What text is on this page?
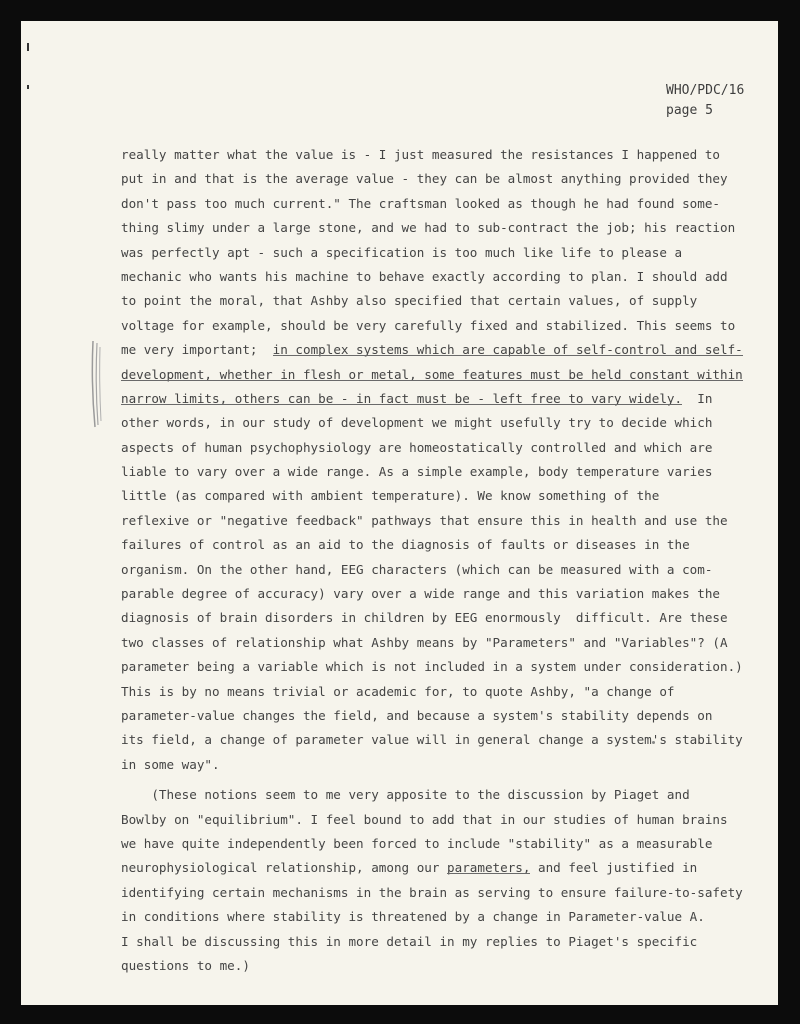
WHO/PDC/16
page 5
really matter what the value is - I just measured the resistances I happened to
put in and that is the average value - they can be almost anything provided they
don't pass too much current." The craftsman looked as though he had found some-
thing slimy under a large stone, and we had to sub-contract the job; his reaction
was perfectly apt - such a specification is too much like life to please a
mechanic who wants his machine to behave exactly according to plan. I should add
to point the moral, that Ashby also specified that certain values, of supply
voltage for example, should be very carefully fixed and stabilized. This seems to
me very important;  in complex systems which are capable of self-control and self-
development, whether in flesh or metal, some features must be held constant within
narrow limits, others can be - in fact must be - left free to vary widely.  In
other words, in our study of development we might usefully try to decide which
aspects of human psychophysiology are homeostatically controlled and which are
liable to vary over a wide range. As a simple example, body temperature varies
little (as compared with ambient temperature). We know something of the
reflexive or "negative feedback" pathways that ensure this in health and use the
failures of control as an aid to the diagnosis of faults or diseases in the
organism. On the other hand, EEG characters (which can be measured with a com-
parable degree of accuracy) vary over a wide range and this variation makes the
diagnosis of brain disorders in children by EEG enormously  difficult. Are these
two classes of relationship what Ashby means by "Parameters" and "Variables"? (A
parameter being a variable which is not included in a system under consideration.)
This is by no means trivial or academic for, to quote Ashby, "a change of
parameter-value changes the field, and because a system's stability depends on
its field, a change of parameter value will in general change a system's stability
in some way".
(These notions seem to me very apposite to the discussion by Piaget and
Bowlby on "equilibrium". I feel bound to add that in our studies of human brains
we have quite independently been forced to include "stability" as a measurable
neurophysiological relationship, among our parameters, and feel justified in
identifying certain mechanisms in the brain as serving to ensure failure-to-safety
in conditions where stability is threatened by a change in Parameter-value A.
I shall be discussing this in more detail in my replies to Piaget's specific
questions to me.)
